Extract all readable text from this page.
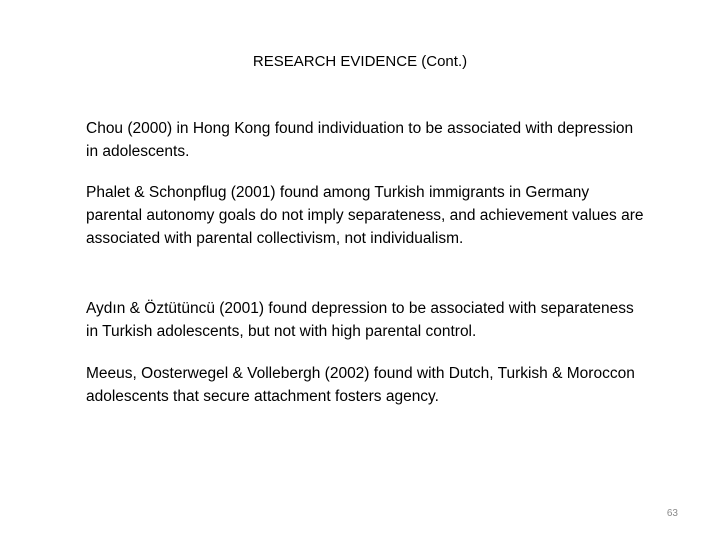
RESEARCH EVIDENCE (Cont.)
Chou (2000) in Hong Kong found individuation to be associated with depression in adolescents.
Phalet & Schonpflug (2001) found among Turkish immigrants in Germany parental autonomy goals do not imply separateness, and achievement values are associated with parental collectivism, not individualism.
Aydın & Öztütüncü (2001) found depression to be associated with separateness in Turkish adolescents, but not with high parental control.
Meeus, Oosterwegel & Vollebergh (2002) found with Dutch, Turkish & Moroccon adolescents that secure attachment fosters agency.
63
